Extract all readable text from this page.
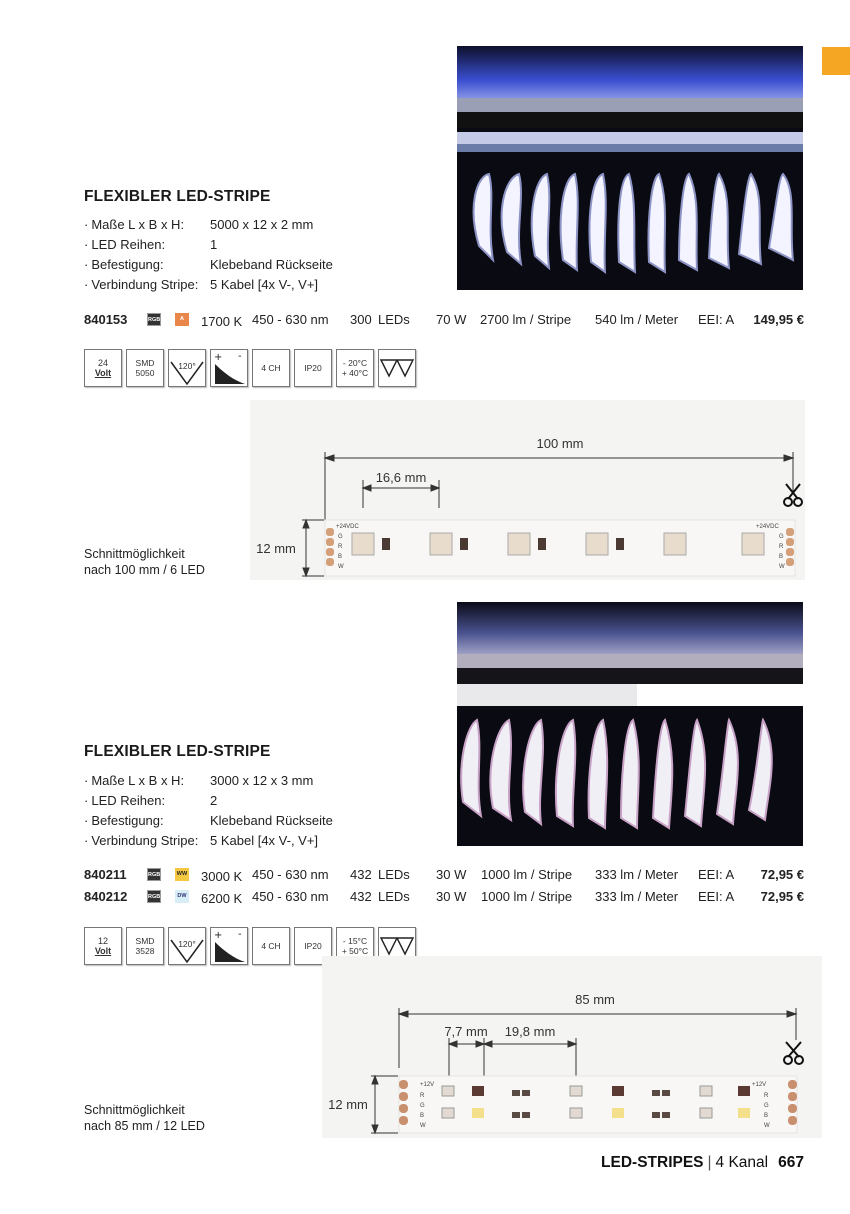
FLEXIBLER LED-STRIPE
· Maße L x B x H:	5000 x 12 x 2 mm
· LED Reihen:	1
· Befestigung:	Klebeband Rückseite
· Verbindung Stripe: 5 Kabel [4x V-, V+]
840153	RGB	A	1700 K 450 - 630 nm 300 LEDs 70 W 2700 lm / Stripe 540 lm / Meter EEI: A 149,95 €
24
Volt
SMD
5050
120°
+ -
4 CH	IP20 - 20°C
+ 40°C
100 mm
16,6 mm
12 mm
+24VDC	+24VDC
G
R
B
W
G
R
B
W
Schnittmöglichkeit
nach 100 mm / 6 LED
FLEXIBLER LED-STRIPE
· Maße L x B x H:	3000 x 12 x 3 mm
· LED Reihen:	2
· Befestigung:	Klebeband Rückseite
· Verbindung Stripe: 5 Kabel [4x V-, V+]
840211	RGB	WW 3000 K 450 - 630 nm 432 LEDs 30 W 1000 lm / Stripe 333 lm / Meter EEI: A 72,95 €
840212	RGB	DW 6200 K 450 - 630 nm 432 LEDs 30 W 1000 lm / Stripe 333 lm / Meter EEI: A 72,95 €
12
Volt
SMD
3528
120°
+ -
4 CH	IP20 - 15°C
+ 50°C
85 mm
7,7 mm 19,8 mm
12 mm
+12V	+12V
R
G
B
W
R
G
B
W
Schnittmöglichkeit
nach 85 mm / 12 LED
LED-STRIPES | 4 Kanal 667
